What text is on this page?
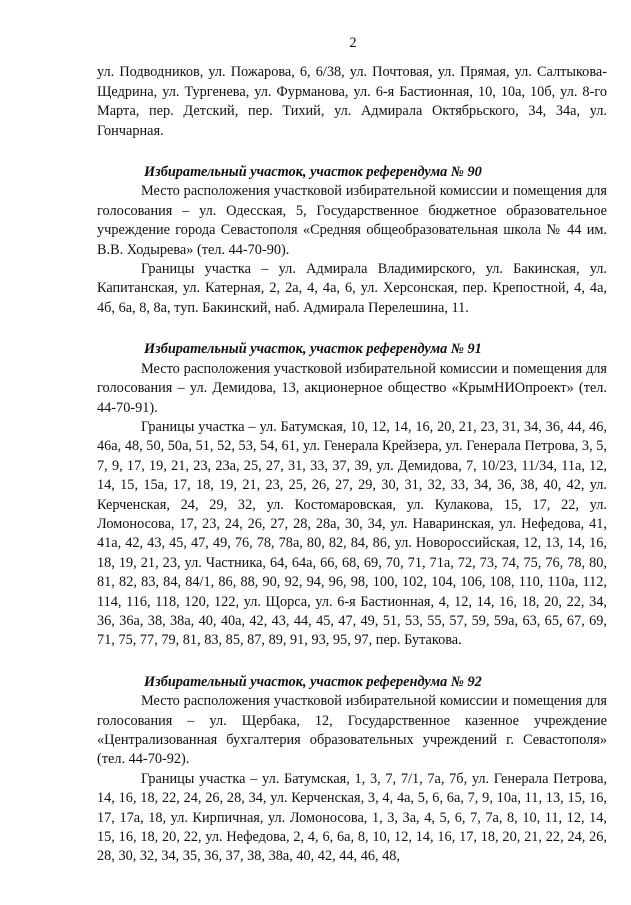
2

ул. Подводников, ул. Пожарова, 6, 6/38, ул. Почтовая, ул. Прямая, ул. Салтыкова-Щедрина, ул. Тургенева, ул. Фурманова, ул. 6-я Бастионная, 10, 10а, 10б, ул. 8-го Марта, пер. Детский, пер. Тихий, ул. Адмирала Октябрьского, 34, 34а, ул. Гончарная.

Избирательный участок, участок референдума № 90

Место расположения участковой избирательной комиссии и помещения для голосования – ул. Одесская, 5, Государственное бюджетное образовательное учреждение города Севастополя «Средняя общеобразовательная школа № 44 им. В.В. Ходырева» (тел. 44-70-90).

Границы участка – ул. Адмирала Владимирского, ул. Бакинская, ул. Капитанская, ул. Катерная, 2, 2а, 4, 4а, 6, ул. Херсонская, пер. Крепостной, 4, 4а, 4б, 6а, 8, 8а, туп. Бакинский, наб. Адмирала Перелешина, 11.

Избирательный участок, участок референдума № 91

Место расположения участковой избирательной комиссии и помещения для голосования – ул. Демидова, 13, акционерное общество «КрымНИОпроект» (тел. 44-70-91).

Границы участка – ул. Батумская, 10, 12, 14, 16, 20, 21, 23, 31, 34, 36, 44, 46, 46а, 48, 50, 50а, 51, 52, 53, 54, 61, ул. Генерала Крейзера, ул. Генерала Петрова, 3, 5, 7, 9, 17, 19, 21, 23, 23а, 25, 27, 31, 33, 37, 39, ул. Демидова, 7, 10/23, 11/34, 11а, 12, 14, 15, 15а, 17, 18, 19, 21, 23, 25, 26, 27, 29, 30, 31, 32, 33, 34, 36, 38, 40, 42, ул. Керченская, 24, 29, 32, ул. Костомаровская, ул. Кулакова, 15, 17, 22, ул. Ломоносова, 17, 23, 24, 26, 27, 28, 28а, 30, 34, ул. Наваринская, ул. Нефедова, 41, 41а, 42, 43, 45, 47, 49, 76, 78, 78а, 80, 82, 84, 86, ул. Новороссийская, 12, 13, 14, 16, 18, 19, 21, 23, ул. Частника, 64, 64а, 66, 68, 69, 70, 71, 71а, 72, 73, 74, 75, 76, 78, 80, 81, 82, 83, 84, 84/1, 86, 88, 90, 92, 94, 96, 98, 100, 102, 104, 106, 108, 110, 110а, 112, 114, 116, 118, 120, 122, ул. Щорса, ул. 6-я Бастионная, 4, 12, 14, 16, 18, 20, 22, 34, 36, 36а, 38, 38а, 40, 40а, 42, 43, 44, 45, 47, 49, 51, 53, 55, 57, 59, 59а, 63, 65, 67, 69, 71, 75, 77, 79, 81, 83, 85, 87, 89, 91, 93, 95, 97, пер. Бутакова.

Избирательный участок, участок референдума № 92

Место расположения участковой избирательной комиссии и помещения для голосования – ул. Щербака, 12, Государственное казенное учреждение «Централизованная бухгалтерия образовательных учреждений г. Севастополя» (тел. 44-70-92).

Границы участка – ул. Батумская, 1, 3, 7, 7/1, 7а, 7б, ул. Генерала Петрова, 14, 16, 18, 22, 24, 26, 28, 34, ул. Керченская, 3, 4, 4а, 5, 6, 6а, 7, 9, 10а, 11, 13, 15, 16, 17, 17а, 18, ул. Кирпичная, ул. Ломоносова, 1, 3, 3а, 4, 5, 6, 7, 7а, 8, 10, 11, 12, 14, 15, 16, 18, 20, 22, ул. Нефедова, 2, 4, 6, 6а, 8, 10, 12, 14, 16, 17, 18, 20, 21, 22, 24, 26, 28, 30, 32, 34, 35, 36, 37, 38, 38а, 40, 42, 44, 46, 48,
